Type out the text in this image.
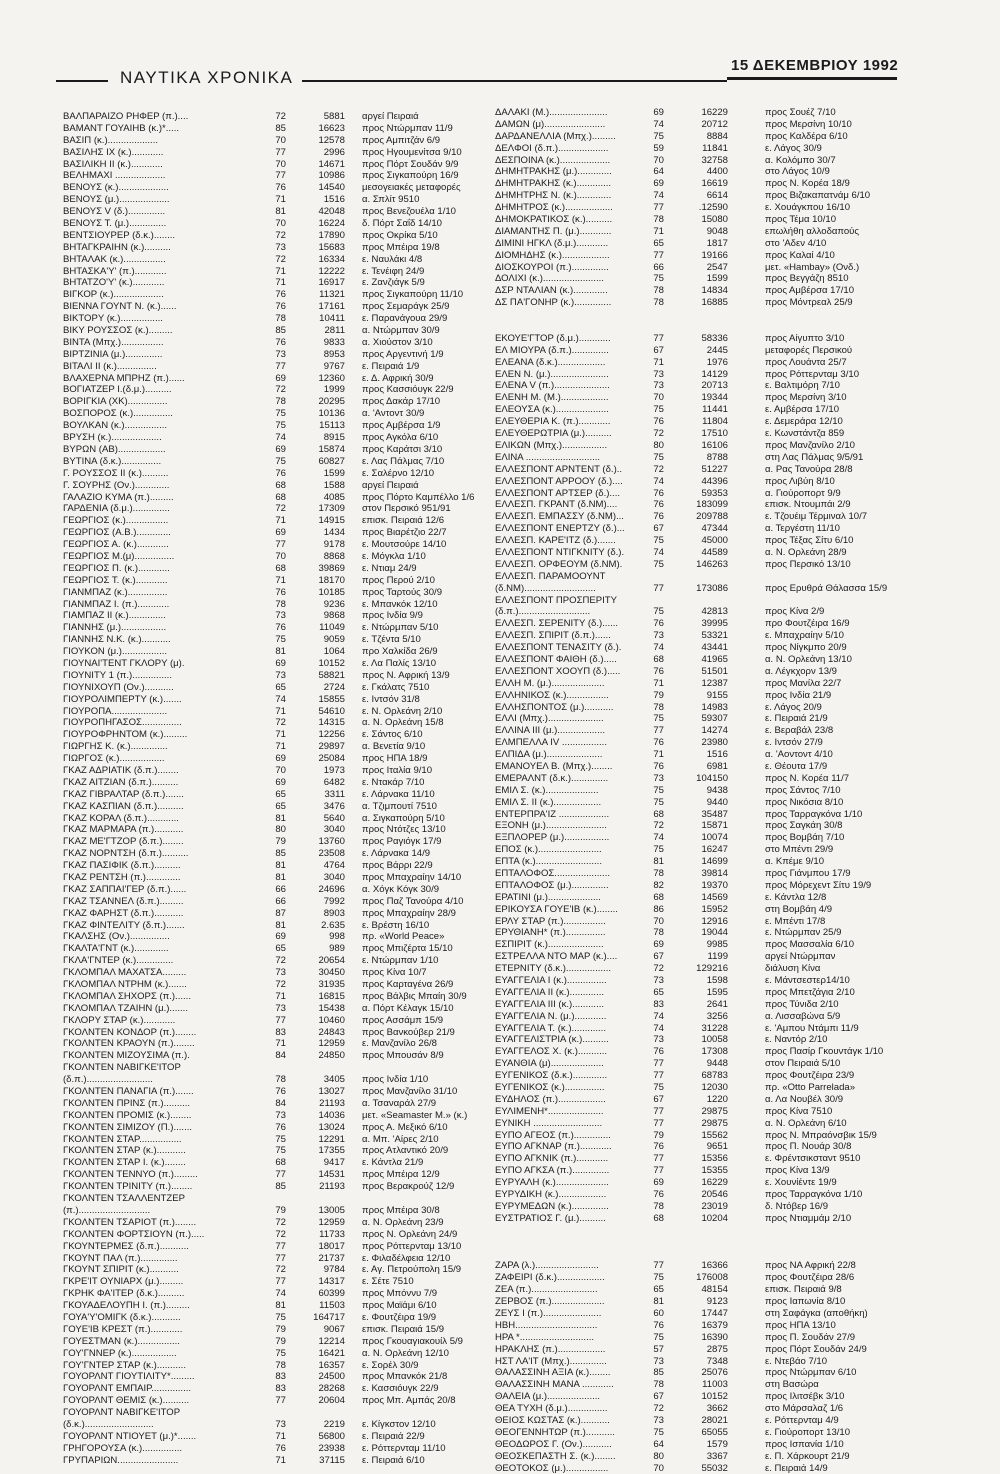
ΝΑΥΤΙΚΑ ΧΡΟΝΙΚΑ
15 ΔΕΚΕΜΒΡΙΟΥ 1992
ΒΑΛΠΑΡΑΙΖΟ ΡΗΦΕΡ (π.)....	72	5881 αργεί Πειραιά
ΒΑΜΑΝΤ ΓΟΥΑΙΗΒ (κ.)*.....	85	16623 προς Ντώρμπαν 11/9
ΒΑΣΙΠ (κ.)...................	70	12578 προς Αμπιτζάν 6/9
ΒΑΣΙΛΗΣ IX (κ.)............	77	2996 προς Ηγουμενίτσα 9/10
ΒΑΣΙΛΙΚΗ ΙΙ (κ.)............	70	14671 προς Πόρτ Σουδάν 9/9
ΒΕΛΗΜΑΧΙ ...................	77	10986 προς Σιγκαπούρη 16/9
ΒΕΝΟΥΣ (κ.)...................	76	14540 μεσογειακές μεταφορές
ΒΕΝΟΥΣ (μ.)...................	71	1516 α. Σπλίτ 9510
ΒΕΝΟΥΣ V (δ.)..............	81	42048 προς Βενεζουέλα 1/10
ΒΕΝΟΥΣ Τ. (μ.)..............	70	16224 δ. Πόρτ Σαΐδ 14/10
ΒΕΝΤΣΙΟΥΡΕΡ (δ.κ.)........	72	17890 προς Οκρίκα 5/10
ΒΗΤΑΓΚΡΑΙΗΝ (κ.)..........	73	15683 προς Μπέιρα 19/8
ΒΗΤΑΛΑΚ (κ.)................	72	16334 ε. Ναυλάκι 4/8
ΒΗΤΑΣΚΑ'Υ' (π.)............	71	12222 ε. Τενέιφη 24/9
ΒΗΤΑΤΖΟ'Υ' (κ.)............	71	16917 ε. Ζανζιάγκ 5/9
ΒΙΓΚΟΡ (κ.)...................	76	11321 προς Σιγκαπούρη 11/10
ΒΙΕΝΝΑ ΓΟΥΝΤ Ν. (κ.)......	76	17161 προς Σεμαράγκ 25/9
ΒΙΚΤΟΡΥ (κ.)................	78	10411 ε. Παρανάγουα 29/9
ΒΙΚΥ ΡΟΥΣΣΟΣ (κ.).........	85	2811 α. Ντώρμπαν 30/9
ΒΙΝΤΑ (Μπχ.)................	76	9833 α. Χιούστον 3/10
ΒΙΡΤΖΙΝΙΑ (μ.)..............	73	8953 προς Αργεντινή 1/9
ΒΙΤΑΛΙ ΙΙ (κ.)...............	77	9767 ε. Πειραιά 1/9
ΒΛΑΧΕΡΝΑ ΜΠΡΗΖ (π.)......	69	12360 ε. Δ. Αφρική 30/9
ΒΟΓΙΑΤΖΕΡ Ι.(δ.μ.)..........	72	1999 προς Κασσιόυγκ 22/9
ΒΟΡΙΓΚΙΑ (ΧΚ)...............	78	20295 προς Δακάρ 17/10
ΒΟΣΠΟΡΟΣ (κ.)...............	75	10136 α. 'Αντοντ 30/9
ΒΟΥΛΚΑΝ (κ.)................	75	15113 προς Αμβέρσα 1/9
ΒΡΥΣΗ (κ.)...................	74	8915 προς Αγκόλα 6/10
ΒΥΡΩΝ (ΑΒ)..................	69	15874 προς Καράτσι 3/10
ΒΥΤΙΝΑ (δ.κ.)...............	75	60827 ε. Λας Πάλμας 7/10
Γ. ΡΟΥΣΣΟΣ ΙΙ (κ.)..........	76	1599 ε. Σαλέρνο 12/10
Γ. ΣΟΥΡΗΣ (Ον.).............	68	1588 αργεί Πειραιά
ΓΑΛΑΖΙΟ ΚΥΜΑ (π.).........	68	4085 προς Πόρτο Καμπέλλο 1/6
ΓΑΡΔΕΝΙΑ (δ.μ.)..............	72	17309 στον Περσικό 951/91
ΓΕΩΡΓΙΟΣ (κ.)................	71	14915 επισκ. Πειραιά 12/6
ΓΕΩΡΓΙΟΣ (Α.Β.).............	69	1434 προς Βιαρέτζιο 22/7
ΓΕΩΡΓΙΟΣ Α. (κ.)............	77	9178 ε. Μουτσούρε 14/10
ΓΕΩΡΓΙΟΣ Μ.(μ)...............	70	8868 ε. Μόγκλα 1/10
ΓΕΩΡΓΙΟΣ Π. (κ.)............	68	39869 ε. Ντιαμ 24/9
ΓΕΩΡΓΙΟΣ Τ. (κ.)............	71	18170 προς Περού 2/10
ΓΙΑΝΜΠΑΖ (κ.)...............	76	10185 προς Ταρτούς 30/9
ΓΙΑΝΜΠΑΖ Ι. (π.)............	78	9236 ε. Μπανκόκ 12/10
ΓΙΑΜΠΑΖ ΙΙ (κ.)..............	73	9868 προς Ινδία 9/9
ΓΙΑΝΝΗΣ (μ.).................	76	11049 ε. Ντώρμπαν 5/10
ΓΙΑΝΝΗΣ Ν.Κ. (κ.)...........	75	9059 ε. Τζέντα 5/10
ΓΙΟΥΚΟΝ (μ.).................	81	1064 προ Χαλκίδα 26/9
ΓΙΟΥΝΑΙ'ΤΕΝΤ ΓΚΛΟΡΥ (μ).	69	10152 ε. Λα Παλίς 13/10
ΓΙΟΥΝΙΤΥ 1 (π.)...............	73	58821 προς Ν. Αφρική 13/9
ΓΙΟΥΝΙΧΟΥΠ (Ον.)...........	65	2724 ε. Γκάλατς 7510
ΓΙΟΥΡΟΛΙΜΠΕΡΤΥ (κ.).......	74	15855 ε. Ιντσόν 31/8
ΓΙΟΥΡΟΠΑ.....................	71	54610 ε. Ν. Ορλεάνη 2/10
ΓΙΟΥΡΟΠΗΓΑΣΟΣ...............	72	14315 α. Ν. Ορλεάνη 15/8
ΓΙΟΥΡΟΦΡΗΝΤΟΜ (κ.).........	71	12256 ε. Σάντος 6/10
ΓΙΩΡΓΗΣ Κ. (κ.)..............	71	29897 α. Βενετία 9/10
ΓΙΩΡΓΟΣ (κ.).................	69	25084 προς ΗΠΑ 18/9
ΓΚΑΖ ΑΔΡΙΑΤΙΚ (δ.π.)........	70	1973 προς Ιταλία 9/10
ΓΚΑΖ ΑΙΤΖΙΑΝ (δ.π.)..........	69	6482 ε. Ντακάρ 7/10
ΓΚΑΖ ΓΙΒΡΑΛΤΑΡ (δ.π.).......	65	3311 ε. Λάρνακα 11/10
ΓΚΑΖ ΚΑΣΠΙΑΝ (δ.π.)..........	65	3476 α. Τζιμπουτί 7510
ΓΚΑΖ ΚΟΡΑΛ (δ.π.)............	81	5640 α. Σιγκαπούρη 5/10
ΓΚΑΖ ΜΑΡΜΑΡΑ (π.)...........	80	3040 προς Ντότζες 13/10
ΓΚΑΖ ΜΕ'ΓΤΖΟΡ (δ.π.)........	79	13760 προς Ραγιόγκ 17/9
ΓΚΑΖ ΝΟΡΝΤΣΗ (δ.π.)..........	85	23508 ε. Λάρνακα 14/9
ΓΚΑΖ ΠΑΣΙΦΙΚ (δ.π.)..........	81	4764 προς Βάρρι 22/9
ΓΚΑΖ ΡΕΝΤΣΗ (π.).............	81	3040 προς Μπαχραίην 14/10
ΓΚΑΖ ΣΑΠΠΑΙ'ΓΕΡ (δ.π.)......	66	24696 α. Χόγκ Κόγκ 30/9
ΓΚΑΖ ΤΣΑΝΝΕΛ (δ.π.).........	66	7992 προς Παζ Τανούρα 4/10
ΓΚΑΖ ΦΑΡΗΣΤ (δ.π.)...........	87	8903 προς Μπαχραίην 28/9
ΓΚΑΖ ΦΙΝΤΕΛΙΤΥ (δ.π.).......	81	2.635 ε. Βρέστη 16/10
ΓΚΑΛΣΗΣ (Ον.)...............	69	998 πρ. «World Peace»
ΓΚΑΛΤΑ'ΓΝΤ (κ.).............	65	989 προς Μπιζέρτα 15/10
ΓΚΛΑ'ΓΝΤΕΡ (κ.)..............	72	20654 ε. Ντώρμπαν 1/10
ΓΚΛΟΜΠΑΛ ΜΑΧΑΤΣΑ.........	73	30450 προς Κίνα 10/7
ΓΚΛΟΜΠΑΛ ΝΤΡΗΜ (κ.).......	72	31935 προς Καρταγένα 26/9
ΓΚΛΟΜΠΑΛ ΣΗΧΟΡΣ (π.)......	71	16815 προς Βάλβις Μπαίη 30/9
ΓΚΛΟΜΠΑΛ ΤΖΑΙΗΝ (μ.).......	73	15438 α. Πόρτ Κέλαγκ 15/10
ΓΚΛΟΡΥ ΣΤΑΡ (κ.)............	77	10460 προς Ασσάμπ 15/9
ΓΚΟΛΝΤΕΝ ΚΟΝΔΟΡ (π.)........	83	24843 προς Βανκούβερ 21/9
ΓΚΟΛΝΤΕΝ ΚΡΑΟΥΝ (π.)........	71	12959 ε. Μανζανίλο 26/8
ΓΚΟΛΝΤΕΝ ΜΙΖΟΥΣΙΜΑ (π.).	84	24850 προς Μπουσάν 8/9
ΓΚΟΛΝΤΕΝ ΝΑΒΙΓΚΕ'ΙΤΟΡ
(δ.π.).........................	78	3405 προς Ινδία 1/10
ΓΚΟΛΝΤΕΝ ΠΑΝΑΓΙΑ (π.).......	76	13027 προς Μανζανίλο 31/10
ΓΚΟΛΝΤΕΝ ΠΡΙΝΣ (π.)..........	84	21193 α. Τσαναράλ 27/9
ΓΚΟΛΝΤΕΝ ΠΡΟΜΙΣ (κ.)........	73	14036 μετ. «Seamaster M.» (κ.)
ΓΚΟΛΝΤΕΝ ΣΙΜΙΖΟΥ (Π.).......	76	13024 προς Α. Μεξικό 6/10
ΓΚΟΛΝΤΕΝ ΣΤΑΡ................	75	12291 α. Μπ. 'Αίρες 2/10
ΓΚΟΛΝΤΕΝ ΣΤΑΡ (κ.)...........	75	17355 προς Ατλαντικό 20/9
ΓΚΟΛΝΤΕΝ ΣΤΑΡ Ι. (κ.)........	68	9417 ε. Κάντλα 21/9
ΓΚΟΛΝΤΕΝ ΤΕΝΝΥΟ (π.).........	77	14531 προς Μπέιρα 12/9
ΓΚΟΛΝΤΕΝ ΤΡΙΝΙΤΥ (π.)........	85	21193 προς Βερακρούζ 12/9
ΓΚΟΛΝΤΕΝ ΤΣΑΛΛΕΝΤΖΕΡ
(π.)...........................	79	13005 προς Μπέιρα 30/8
ΓΚΟΛΝΤΕΝ ΤΣΑΡΙΟΤ (π.)........	72	12959 α. Ν. Ορλεάνη 23/9
ΓΚΟΛΝΤΕΝ ΦΟΡΤΣΙΟΥΝ (π.).....	72	11733 προς Ν. Ορλεάνη 24/9
ΓΚΟΥΝΤΕΡΜΕΣ (δ.π.)...........	77	18017 προς Ρόττερνταμ 13/10
ΓΚΟΥΝΤ ΠΑΛ (π.)..............	77	21737 ε. Φιλαδέλφεια 12/10
ΓΚΟΥΝΤ ΣΠΙΡΙΤ (κ.)...........	72	9784 ε. Αγ. Πετρούπολη 15/9
ΓΚΡΕ'ΙΤ ΟΥΝΙΑΡΧ (μ.).........	77	14317 ε. Σέτε 7510
ΓΚΡΗΚ ΦΑ'ΙΤΕΡ (δ.κ.)..........	74	60399 προς Μπόννυ 7/9
ΓΚΟΥΑΔΕΛΟΥΠΗ Ι. (π.).........	81	11503 προς Μαϊάμι 6/10
ΓΟΥΑ'Υ'ΟΜΙΓΚ (δ.κ.)...........	75	164717 ε. Φουτζέιρα 19/9
ΓΟΥΕ'ΙΒ ΚΡΕΣΤ (π.)............	79	9067 επισκ. Πειραιά 15/9
ΓΟΥΕΣΤΜΑΝ (κ.)................	79	12214 προς Γκουαγιακουίλ 5/9
ΓΟΥ'ΓΝΝΕΡ (κ.).................	75	16421 α. Ν. Ορλεάνη 12/10
ΓΟΥ'ΓΝΤΕΡ ΣΤΑΡ (κ.)...........	78	16357 ε. Σορέλ 30/9
ΓΟΥΟΡΛΝΤ ΓΙΟΥΤΙΛΙΤΥ*.........	83	24500 προς Μπανκόκ 21/8
ΓΟΥΟΡΛΝΤ ΕΜΠΑΙΡ...............	83	28268 ε. Κασσιόυγκ 22/9
ΓΟΥΟΡΛΝΤ ΘΕΜΙΣ (κ.)..........	77	20604 προς Μπ. Αμπάς 20/8
ΓΟΥΟΡΛΝΤ ΝΑΒΙΓΚΕ'ΙΤΟΡ
(δ.κ.)..........................	73	2219 ε. Κίγκστον 12/10
ΓΟΥΟΡΛΝΤ ΝΤΙΟΥΕΤ (μ.)*.......	71	56800 ε. Πειραιά 22/9
ΓΡΗΓΟΡΟΥΣΑ (κ.)...............	76	23938 ε. Ρόττερνταμ 11/10
ΓΡΥΠΑΡΙΩΝ.......................	71	37115 ε. Πειραιά 6/10
ΔΑΛΑΚΙ (Μ.)......................	69	16229	προς Σουέζ 7/10
ΔΑΜΩΝ (μ).......................	74	20712	προς Μερσίνη 10/10
ΔΑΡΔΑΝΕΛΛΙΑ (Μπχ.).........	75	8884	προς Καλδέρα 6/10
ΔΕΛΦΟΙ (δ.π.)...................	59	11841	ε. Λάγος 30/9
ΔΕΣΠΟΙΝΑ (κ.)...................	70	32758	α. Κολόμπο 30/7
ΔΗΜΗΤΡΑΚΗΣ (μ.).............	64	4400	στο Λάγος 10/9
ΔΗΜΗΤΡΑΚΗΣ (κ.).............	69	16619	προς Ν. Κορέα 18/9
ΔΗΜΗΤΡΗΣ Ν. (κ.).............	74	6614	προς Βιζακαπατνάμ 6/10
ΔΗΜΗΤΡΟΣ (κ.)..................	77	.12590	ε. Χουάγκπου 16/10
ΔΗΜΟΚΡΑΤΙΚΟΣ (κ.)..........	78	15080	προς Τέμα 10/10
ΔΙΑΜΑΝΤΗΣ Π. (μ.)............	71	9048	επωλήθη αλλοδαπούς
ΔΙΜΙΝΙ ΗΓΚΛ (δ.μ.)............	65	1817	στο 'Αδεν 4/10
ΔΙΟΜΗΔΗΣ (κ.)..................	77	19166	προς Καλαί 4/10
ΔΙΟΣΚΟΥΡΟΙ (π.)..............	66	2547	μετ. «Hambay» (Ονδ.)
ΔΟΛΙΧΙ (κ.).......................	75	1599	προς Βεγγάζη 8510
ΔΣΡ ΝΤΑΛΙΑΝ (κ.).............	78	14834	προς Αμβέρσα 17/10
ΔΣ ΠΑ'ΓΟΝΗΡ (κ.)..............	78	16885	προς Μόντρεαλ 25/9
ΕΚΟΥΕ'ΓΤΟΡ (δ.μ.)............	77	58336	προς Αίγυπτο 3/10
ΕΛ ΜΙΟΥΡΑ (δ.π.)..............	67	2445	μεταφορές Περσικού
ΕΛΕΑΝΑ (δ.κ.)..................	71	1976	προς Λουάντα 25/7
ΕΛΕΝ Ν. (μ.)......................	73	14129	προς Ρόττερνταμ 3/10
ΕΛΕΝΑ V (π.).....................	73	20713	ε. Βαλτιμόρη 7/10
ΕΛΕΝΗ Μ. (Μ.)..................	70	19344	προς Μερσίνη 3/10
ΕΛΕΟΥΣΑ (κ.)....................	75	11441	ε. Αμβέρσα 17/10
ΕΛΕΥΘΕΡΙΑ Κ. (π.)............	76	11804	ε. Δεμεράρα 12/10
ΕΛΕΥΘΕΡΩΤΡΙΑ (μ.)..........	72	17510	ε. Κωνστάντζα 859
ΕΛΙΚΩΝ (Μπχ.).................	80	16106	προς Μανζανίλο 2/10
ΕΛΙΝΑ ............................	75	8788	στη Λας Πάλμας 9/5/91
ΕΛΛΕΣΠΟΝΤ ΑΡΝΤΕΝΤ (δ.)..	72	51227	α. Ρας Τανούρα 28/8
ΕΛΛΕΣΠΟΝΤ ΑΡΡΟΟΥ (δ.)....	74	44396	προς Λιβύη 8/10
ΕΛΛΕΣΠΟΝΤ ΑΡΤΣΕΡ (δ.)....	76	59353	α. Γιούροπορτ 9/9
ΕΛΛΕΣΠ. ΓΚΡΑΝΤ (δ.ΝΜ)....	76	183099	επισκ. Ντουμπάι 2/9
ΕΛΛΕΣΠ. ΕΜΠΑΣΣΥ (δ.ΝΜ)...	76	209788	ε. Τζουέιμ Τέρμιναλ 10/7
ΕΛΛΕΣΠΟΝΤ ΕΝΕΡΤΖΥ (δ.)...	67	47344	α. Τεργέστη 11/10
ΕΛΛΕΣΠ. ΚΑΡΕ'ΙΤΖ (δ.).......	75	45000	προς Τέξας Σίτυ 6/10
ΕΛΛΕΣΠΟΝΤ ΝΤΙΓΚΝΙΤΥ (δ.).	74	44589	α. Ν. Ορλεάνη 28/9
ΕΛΛΕΣΠ. ΟΡΦΕΟΥΜ (δ.ΝΜ).	75	146263	προς Περσικό 13/10
ΕΛΛΕΣΠ. ΠΑΡΑΜΟΟΥΝΤ
(δ.ΝΜ)...........................	77	173086	προς Ερυθρά Θάλασσα 15/9
ΕΛΛΕΣΠΟΝΤ ΠΡΟΣΠΕΡΙΤΥ
(δ.π.)...........................	75	42813	προς Κίνα 2/9
ΕΛΛΕΣΠ. ΣΕΡΕΝΙΤΥ (δ.)......	76	39995	προ Φουτζέιρα 16/9
ΕΛΛΕΣΠ. ΣΠΙΡΙΤ (δ.π.)......	73	53321	ε. Μπαχραίην 5/10
ΕΛΛΕΣΠΟΝΤ ΤΕΝΑΣΙΤΥ (δ.).	74	43441	προς Νίγκμπο 20/9
ΕΛΛΕΣΠΟΝΤ ΦΑΙΘΗ (δ.).....	68	41965	α. Ν. Ορλεάνη 13/10
ΕΛΛΕΣΠΟΝΤ ΧΟΟΥΠ (δ.).....	76	51501	α. Λέγκχορν 13/9
ΕΛΛΗ Μ. (μ.)....................	71	12387	προς Μανίλα 22/7
ΕΛΛΗΝΙΚΟΣ (κ.)................	79	9155	προς Ινδία 21/9
ΕΛΛΗΣΠΟΝΤΟΣ (μ.)...........	78	14983	ε. Λάγος 20/9
ΕΛΛΙ (Μπχ.).....................	75	59307	ε. Πειραιά 21/9
ΕΛΛΙΝΑ ΙΙΙ (μ.)..................	77	14274	ε. Βεραβάλ 23/8
ΕΛΜΠΕΛΛΑ IV .................	76	23980	ε. Ιντσόν 27/9
ΕΛΠΙΔΑ (μ.).....................	71	1516	α. 'Αοντοντ 4/10
ΕΜΑΝΟΥΕΛ Β. (Μπχ.)........	76	6981	ε. Θέουτα 17/9
ΕΜΕΡΑΛΝΤ (δ.κ.)..............	73	104150	προς Ν. Κορέα 11/7
ΕΜΙΛ Σ. (κ.)....................	75	9438	προς Σάντος 7/10
ΕΜΙΛ Σ. ΙΙ (κ.)..................	75	9440	προς Νικόσια 8/10
ΕΝΤΕΡΠΡΑ'ΙΖ ...................	68	35487	προς Ταρραγκόνα 1/10
ΕΞΟΝΗ (μ.).......................	72	15871	προς Σαγκάη 30/8
ΕΞΠΛΟΡΕΡ (μ.).................	74	10074	προς Βομβάη 7/10
ΕΠΟΣ (κ.)........................	75	16247	στο Μπέντι 29/9
ΕΠΤΑ (κ.).........................	81	14699	α. Κπέμε 9/10
ΕΠΤΑΛΟΦΟΣ.....................	78	39814	προς Γιάνμπου 17/9
ΕΠΤΑΛΟΦΟΣ (μ.)..............	82	19370	προς Μόρεχεντ Σίτυ 19/9
ΕΡΑΤΙΝΙ (μ.)....................	68	14569	ε. Κάντλα 12/8
ΕΡΙΚΟΥΣΑ ΓΟΥΕ'ΙΒ (κ.)........	86	15952	στη Βομβάη 4/9
ΕΡΛΥ ΣΤΑΡ (π.)................	70	12916	ε. Μπέντι 17/8
ΕΡΥΘΙΑΝΗ* (π.)...............	78	19044	ε. Ντώρμπαν 25/9
ΕΣΠΙΡΙΤ (κ.).....................	69	9985	προς Μασσαλία 6/10
ΕΣΤΡΕΛΛΑ ΝΤΟ ΜΑΡ (κ.)....	67	1199	αργεί Ντώρμπαν
ΕΤΕΡΝΙΤΥ (δ.κ.).................	72	129216	διάλυση Κίνα
ΕΥΑΓΓΕΛΙΑ Ι (κ.)...............	73	1598	ε. Μάντσεστερ14/10
ΕΥΑΓΓΕΛΙΑ ΙΙ (κ.).............	65	1595	προς Μπετζάγια 2/10
ΕΥΑΓΓΕΛΙΑ ΙΙΙ (κ.)............	83	2641	προς Τύνιδα 2/10
ΕΥΑΓΓΕΛΙΑ Ν. (μ.)............	74	3256	α. Λισσαβώνα 5/9
ΕΥΑΓΓΕΛΙΑ Τ. (κ.).............	74	31228	ε. 'Αμπου Ντάμπι 11/9
ΕΥΑΓΓΕΛΙΣΤΡΙΑ (κ.)..........	73	10058	ε. Ναντόρ 2/10
ΕΥΑΓΓΕΛΟΣ Χ. (κ.)...........	76	17308	προς Πασίρ Γκουντάγκ 1/10
ΕΥΑΝΘΙΑ (μ)....................	77	9448	στον Πειραιά 5/10
ΕΥΓΕΝΙΚΟΣ (δ.κ.).............	77	68783	προς Φουτζέιρα 23/9
ΕΥΓΕΝΙΚΟΣ (κ.)...............	75	12030	πρ. «Otto Parrelada»
ΕΥΔΗΛΟΣ (π.)..................	67	1220	α. Λα Νουβέλ 30/9
ΕΥΛΙΜΕΝΗ*.....................	77	29875	προς Κίνα 7510
ΕΥΝΙΚΗ ..........................	77	29875	α. Ν. Ορλεάνη 6/10
ΕΥΠΟ ΑΓΕΟΣ (π.)..............	79	15562	προς Ν. Μπραόνσβικ 15/9
ΕΥΠΟ ΑΓΚΝΑΡ (π.)............	76	9651	προς Π. Νουάρ 30/8
ΕΥΠΟ ΑΓΚΝΙΚ (π.)............	77	15356	ε. Φρέντσικσταντ 9510
ΕΥΠΟ ΑΓΚΣΑ (π.)..............	77	15355	προς Κίνα 13/9
ΕΥΡΥΑΛΗ (κ.)....................	69	16229	ε. Χουνίέντε 19/9
ΕΥΡΥΔΙΚΗ (κ.)..................	76	20546	προς Ταρραγκόνα 1/10
ΕΥΡΥΜΕΔΩΝ (κ.)..............	78	23019	δ. Ντόβερ 16/9
ΕΥΣΤΡΑΤΙΟΣ Γ. (μ.)..........	68	10204	προς Ντιαμμάμ 2/10
ΖΑΡΑ (λ.)........................	77	16366	προς ΝΑ Αφρική 22/8
ΖΑΦΕΙΡΙ (δ.κ.)..................	75	176008	προς Φουτζέιρα 28/6
ΖΕΑ (π.).........................	65	48154	επισκ. Πειραιά 9/8
ΖΕΡΒΟΣ (π.)....................	81	9123	προς Ιαπωνία 8/10
ΖΕΥΣ Ι (π.)......................	60	17447	στη Σαφάγκα (αποθήκη)
ΗΒΗ...............................	76	16379	προς ΗΠΑ 13/10
ΗΡΑ *............................	75	16390	προς Π. Σουδάν 27/9
ΗΡΑΚΛΗΣ (π.)..................	57	2875	προς Πόρτ Σουδάν 24/9
ΗΣΤ ΛΑ'ΙΤ (Μπχ.)..............	73	7348	ε. Ντεβάο 7/10
ΘΑΛΑΣΣΙΝΗ ΑΞΙΑ (κ.)........	85	25076	προς Ντώρμπαν 6/10
ΘΑΛΑΣΣΙΝΗ ΜΑΝΑ ............	78	11003	στη Βασώρα
ΘΑΛΕΙΑ (μ.)....................	67	10152	προς Ιλιτσέβκ 3/10
ΘΕΑ ΤΥΧΗ (δ.μ.)...............	72	3662	στο Μάρσαλαζ 1/6
ΘΕΙΟΣ ΚΩΣΤΑΣ (κ.)...........	73	28021	ε. Ρόττερνταμ 4/9
ΘΕΟΓΕΝΝΗΤΩΡ (π.)...........	75	65055	ε. Γιούροπορτ 13/10
ΘΕΟΔΩΡΟΣ Γ. (Ον.)...........	64	1579	προς Ισπανία 1/10
ΘΕΟΣΚΕΠΑΣΤΗ Σ. (κ.)........	80	3367	ε. Π. Χάρκουρτ 21/9
ΘΕΟΤΟΚΟΣ (μ.)................	70	55032	ε. Πειραιά 14/9
